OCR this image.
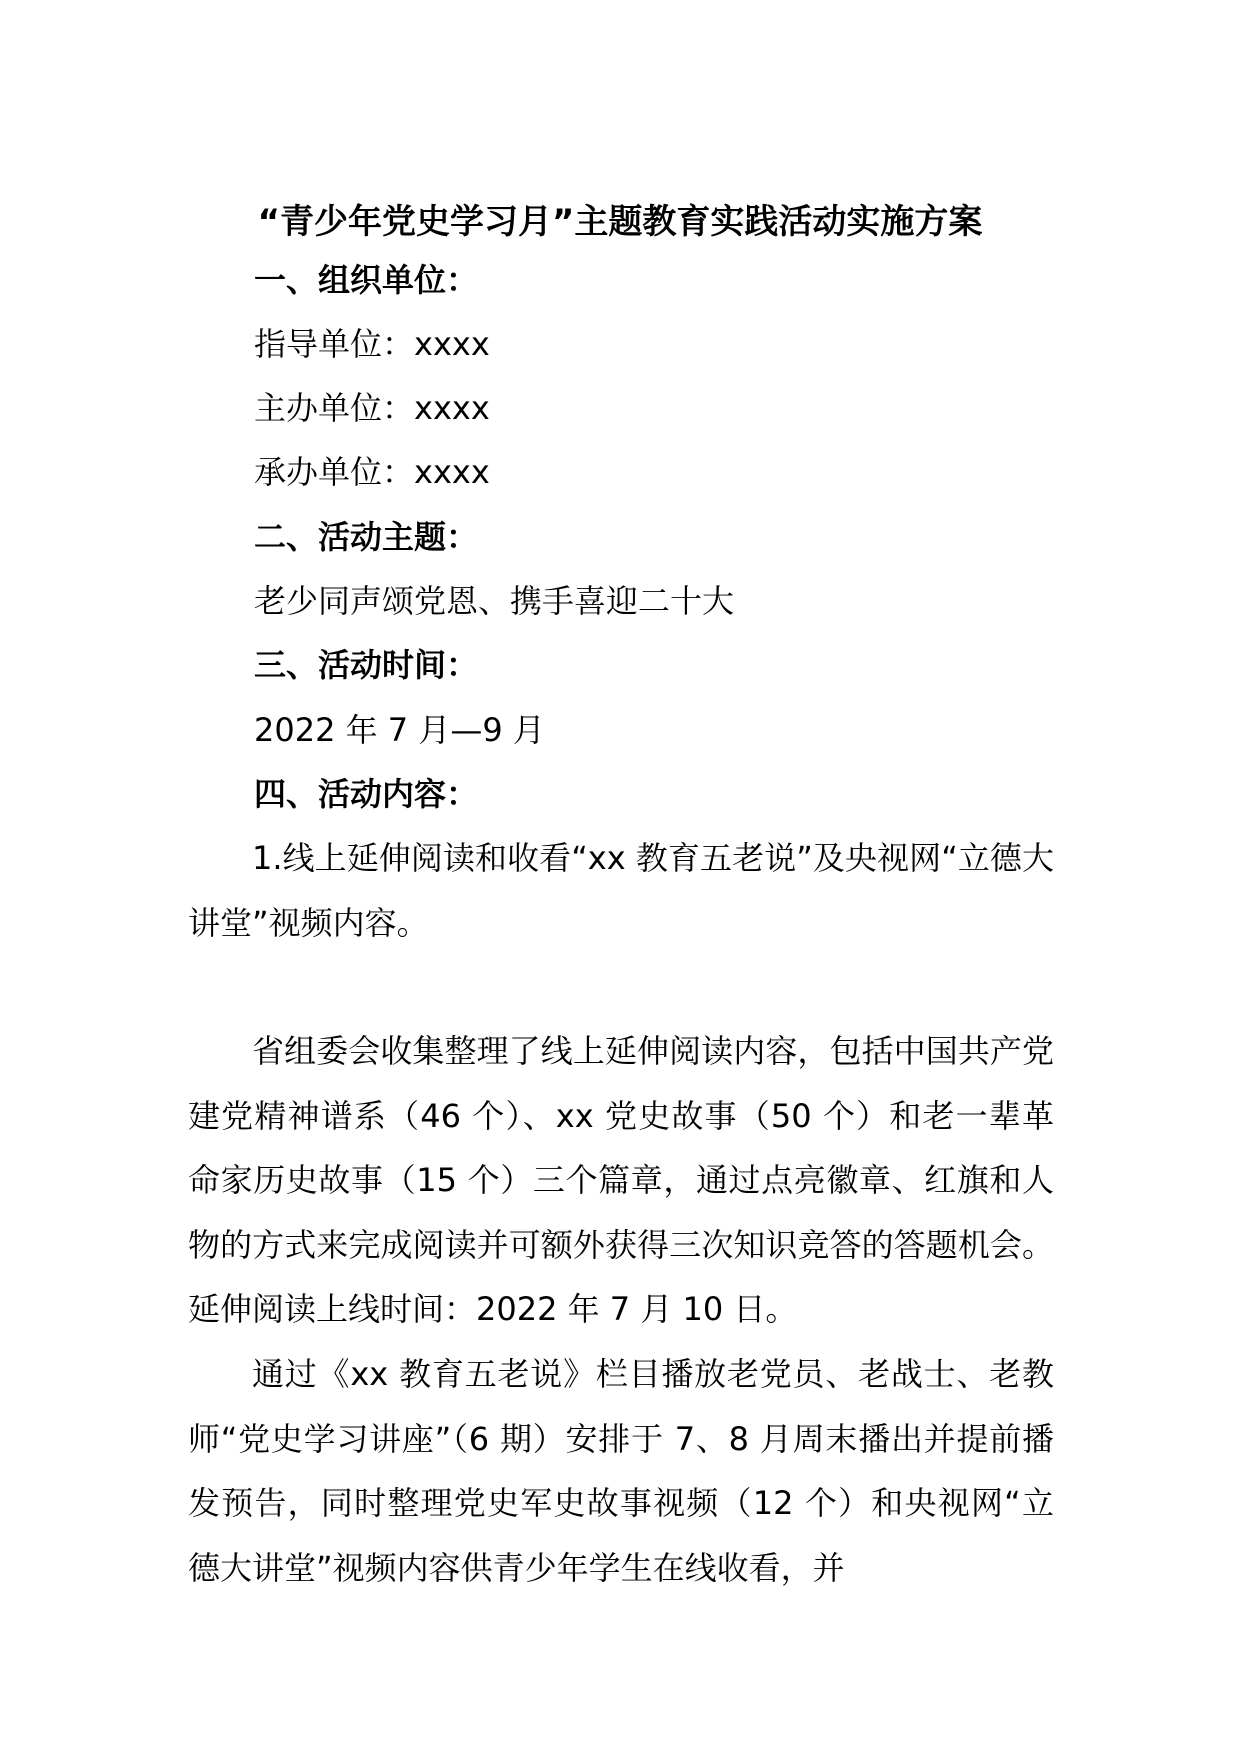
“青少年党史学习月”主题教育实践活动实施方案
一、组织单位：
指导单位：xxxx
主办单位：xxxx
承办单位：xxxx
二、活动主题：
老少同声颂党恩、携手喜迎二十大
三、活动时间：
2022 年 7 月—9 月
四、活动内容：
1.线上延伸阅读和收看“xx 教育五老说”及央视网“立德大讲堂”视频内容。
省组委会收集整理了线上延伸阅读内容，包括中国共产党建党精神谱系（46 个）、xx 党史故事（50 个）和老一辈革命家历史故事（15 个）三个篇章，通过点亮徽章、红旗和人物的方式来完成阅读并可额外获得三次知识竞答的答题机会。延伸阅读上线时间：2022 年 7 月 10 日。
通过《xx 教育五老说》栏目播放老党员、老战士、老教师“党史学习讲座”（6 期）安排于 7、8 月周末播出并提前播发预告，同时整理党史军史故事视频（12 个）和央视网“立德大讲堂”视频内容供青少年学生在线收看，并
